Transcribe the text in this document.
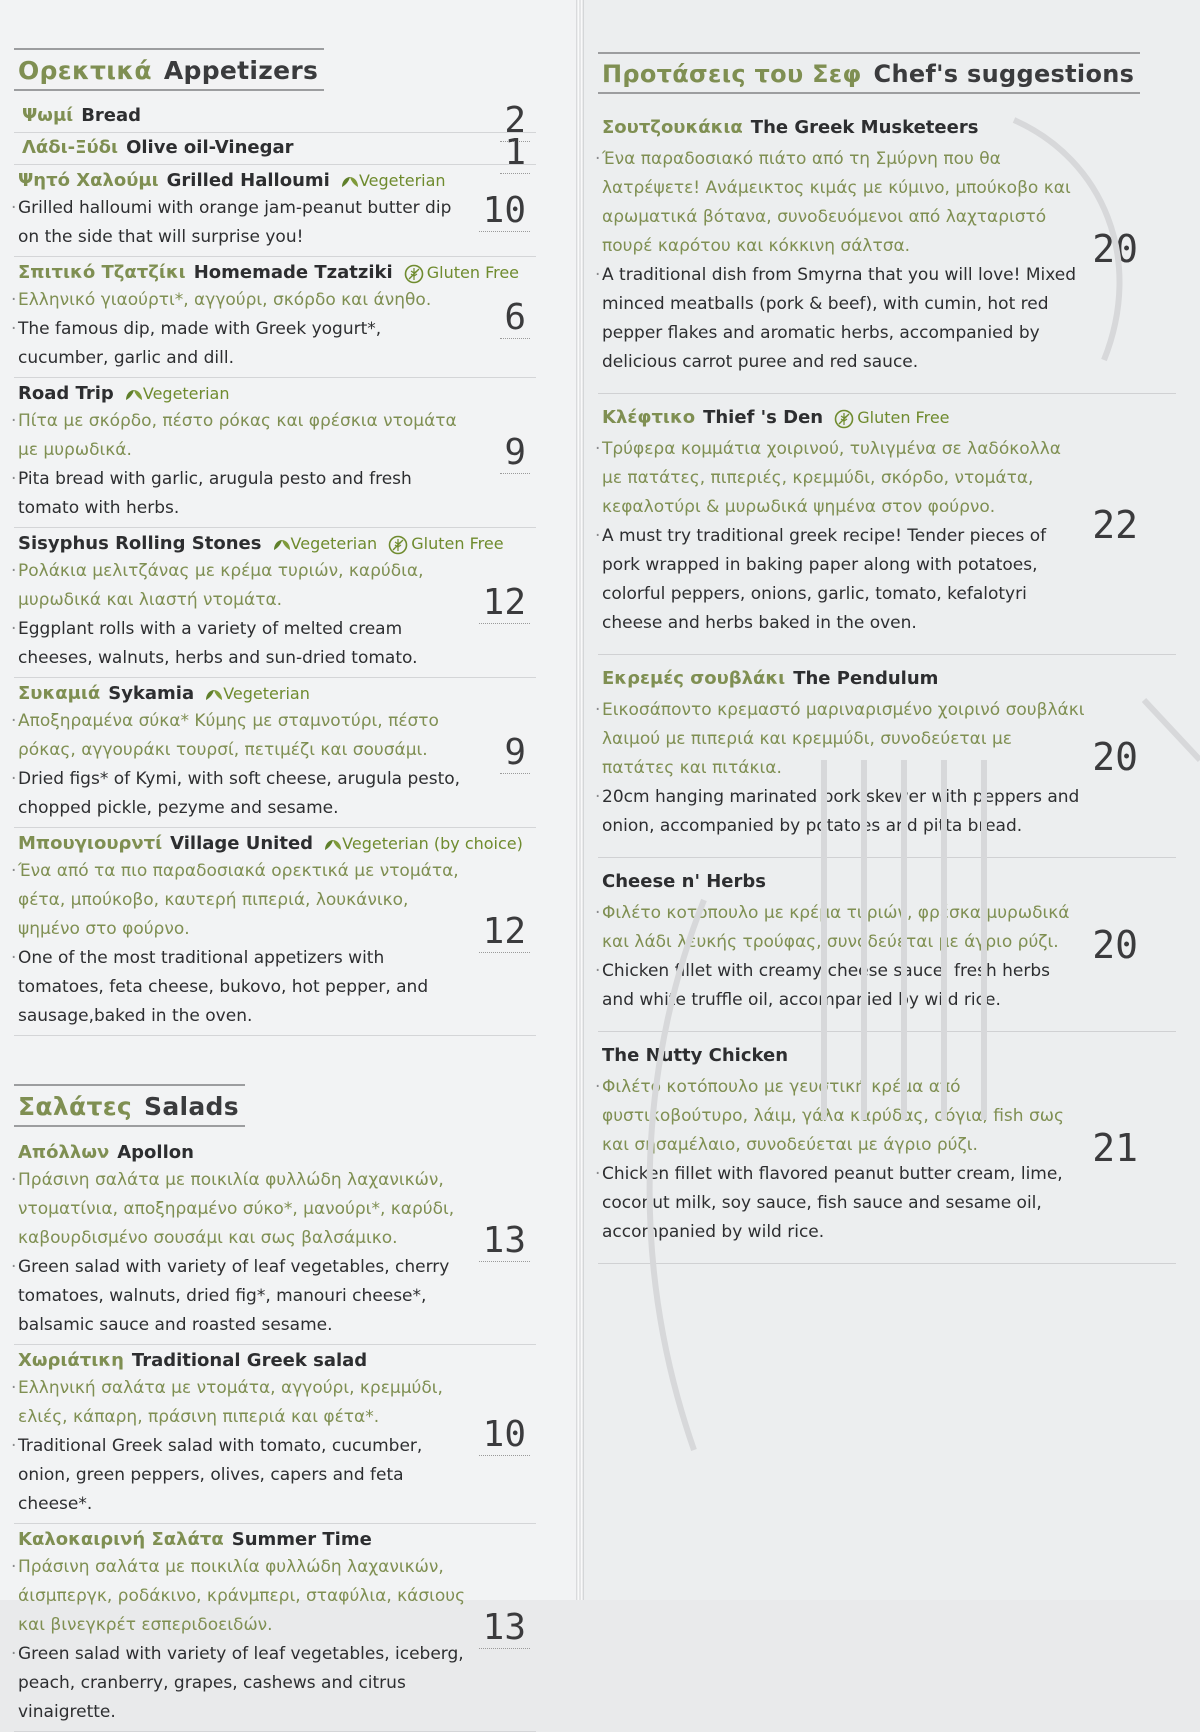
Ορεκτικά Appetizers
Ψωμί Bread	2
Λάδι-Ξύδι Olive oil-Vinegar	1
Ψητό Χαλούμι Grilled Halloumi Vegeterian
· Grilled halloumi with orange jam-peanut butter dip on the side that will surprise you!
10
Σπιτικό Τζατζίκι Homemade Tzatziki Gluten Free
· Ελληνικό γιαούρτι*, αγγούρι, σκόρδο και άνηθο.
· The famous dip, made with Greek yogurt*, cucumber, garlic and dill.
6
Road Trip Vegeterian
· Πίτα με σκόρδο, πέστο ρόκας και φρέσκια ντομάτα με μυρωδικά.
· Pita bread with garlic, arugula pesto and fresh tomato with herbs.
9
Sisyphus Rolling Stones Vegeterian Gluten Free
· Ρολάκια μελιτζάνας με κρέμα τυριών, καρύδια, μυρωδικά και λιαστή ντομάτα.
· Eggplant rolls with a variety of melted cream cheeses, walnuts, herbs and sun-dried tomato.
12
Συκαμιά Sykamia Vegeterian
· Αποξηραμένα σύκα* Κύμης με σταμνοτύρι, πέστο ρόκας, αγγουράκι τουρσί, πετιμέζι και σουσάμι.
· Dried figs* of Kymi, with soft cheese, arugula pesto, chopped pickle, pezyme and sesame.
9
Μπουγιουρντί Village United Vegeterian (by choice)
· Ένα από τα πιο παραδοσιακά ορεκτικά με ντομάτα, φέτα, μπούκοβο, καυτερή πιπεριά, λουκάνικο, ψημένο στο φούρνο.
· One of the most traditional appetizers with tomatoes, feta cheese, bukovo, hot pepper, and sausage,baked in the oven.
12
Σαλάτες Salads
Απόλλων Apollon
· Πράσινη σαλάτα με ποικιλία φυλλώδη λαχανικών, ντοματίνια, αποξηραμένο σύκο*, μανούρι*, καρύδι, καβουρδισμένο σουσάμι και σως βαλσάμικο.
· Green salad with variety of leaf vegetables, cherry tomatoes, walnuts, dried fig*, manouri cheese*, balsamic sauce and roasted sesame.
13
Χωριάτικη Traditional Greek salad
· Ελληνική σαλάτα με ντομάτα, αγγούρι, κρεμμύδι, ελιές, κάπαρη, πράσινη πιπεριά και φέτα*.
· Traditional Greek salad with tomato, cucumber, onion, green peppers, olives, capers and feta cheese*.
10
Καλοκαιρινή Σαλάτα Summer Time
· Πράσινη σαλάτα με ποικιλία φυλλώδη λαχανικών, άισμπεργκ, ροδάκινο, κράνμπερι, σταφύλια, κάσιους και βινεγκρέτ εσπεριδοειδών.
· Green salad with variety of leaf vegetables, iceberg, peach, cranberry, grapes, cashews and citrus vinaigrette.
13
Προτάσεις του Σεφ Chef's suggestions
Σουτζουκάκια The Greek Musketeers
· Ένα παραδοσιακό πιάτο από τη Σμύρνη που θα λατρέψετε! Ανάμεικτος κιμάς με κύμινο, μπούκοβο και αρωματικά βότανα, συνοδευόμενοι από λαχταριστό πουρέ καρότου και κόκκινη σάλτσα.
· A traditional dish from Smyrna that you will love! Mixed minced meatballs (pork & beef), with cumin, hot red pepper flakes and aromatic herbs, accompanied by delicious carrot puree and red sauce.
20
Κλέφτικο Thief 's Den Gluten Free
· Τρύφερα κομμάτια χοιρινού, τυλιγμένα σε λαδόκολλα με πατάτες, πιπεριές, κρεμμύδι, σκόρδο, ντομάτα, κεφαλοτύρι & μυρωδικά ψημένα στον φούρνο.
· A must try traditional greek recipe! Tender pieces of pork wrapped in baking paper along with potatoes, colorful peppers, onions, garlic, tomato, kefalotyri cheese and herbs baked in the oven.
22
Εκρεμές σουβλάκι The Pendulum
· Εικοσάποντο κρεμαστό μαριναρισμένο χοιρινό σουβλάκι λαιμού με πιπεριά και κρεμμύδι, συνοδεύεται με πατάτες και πιτάκια.
· 20cm hanging marinated pork skewer with peppers and onion, accompanied by potatoes and pitta bread.
20
Cheese n' Herbs
· Φιλέτο κοτόπουλο με κρέμα τυριών, φρέσκα μυρωδικά και λάδι λευκής τρούφας, συνοδεύεται με άγριο ρύζι.
· Chicken fillet with creamy cheese sauce, fresh herbs and white truffle oil, accompanied by wild rice.
20
The Nutty Chicken
· Φιλέτο κοτόπουλο με γευστική κρέμα από φυστικοβούτυρο, λάιμ, γάλα καρύδας, σόγια, fish σως και σησαμέλαιο, συνοδεύεται με άγριο ρύζι.
· Chicken fillet with flavored peanut butter cream, lime, coconut milk, soy sauce, fish sauce and sesame oil, accompanied by wild rice.
21
